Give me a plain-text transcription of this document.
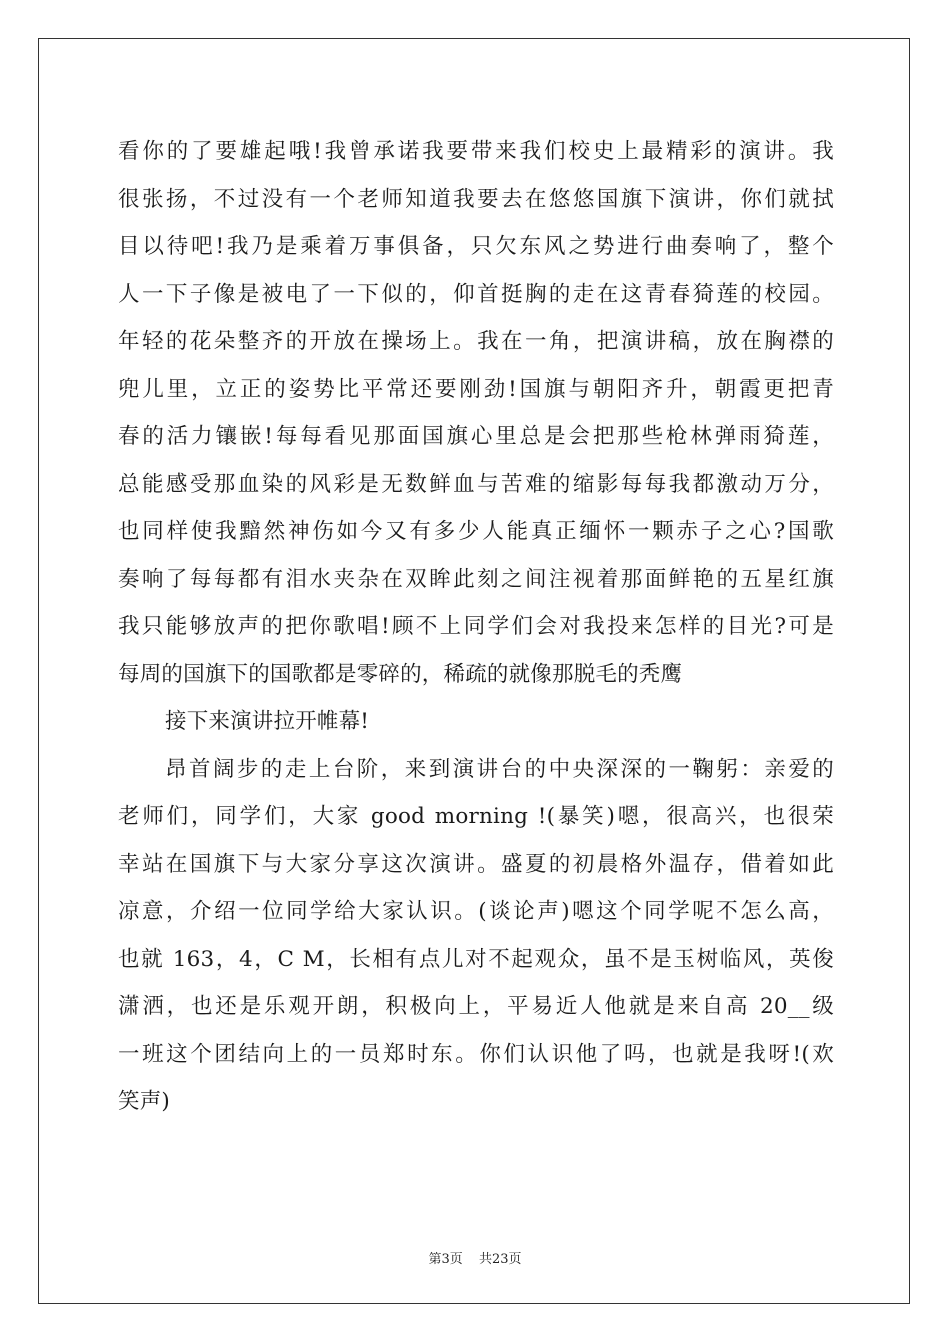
看你的了要雄起哦!我曾承诺我要带来我们校史上最精彩的演讲。我
很张扬，不过没有一个老师知道我要去在悠悠国旗下演讲，你们就拭
目以待吧!我乃是乘着万事俱备，只欠东风之势进行曲奏响了，整个
人一下子像是被电了一下似的，仰首挺胸的走在这青春猗莲的校园。
年轻的花朵整齐的开放在操场上。我在一角，把演讲稿，放在胸襟的
兜儿里，立正的姿势比平常还要刚劲!国旗与朝阳齐升，朝霞更把青
春的活力镶嵌!每每看见那面国旗心里总是会把那些枪林弹雨猗莲，
总能感受那血染的风彩是无数鲜血与苦难的缩影每每我都激动万分，
也同样使我黯然神伤如今又有多少人能真正缅怀一颗赤子之心?国歌
奏响了每每都有泪水夹杂在双眸此刻之间注视着那面鲜艳的五星红旗
我只能够放声的把你歌唱!顾不上同学们会对我投来怎样的目光?可是
每周的国旗下的国歌都是零碎的，稀疏的就像那脱毛的秃鹰
接下来演讲拉开帷幕!
昂首阔步的走上台阶，来到演讲台的中央深深的一鞠躬：亲爱的
老师们，同学们，大家 good morning !(暴笑)嗯，很高兴，也很荣
幸站在国旗下与大家分享这次演讲。盛夏的初晨格外温存，借着如此
凉意，介绍一位同学给大家认识。(谈论声)嗯这个同学呢不怎么高，
也就 163，4，C M，长相有点儿对不起观众，虽不是玉树临风，英俊
潇洒，也还是乐观开朗，积极向上，平易近人他就是来自高 20__级
一班这个团结向上的一员郑时东。你们认识他了吗，也就是我呀!(欢
笑声)
第3页 共23页
